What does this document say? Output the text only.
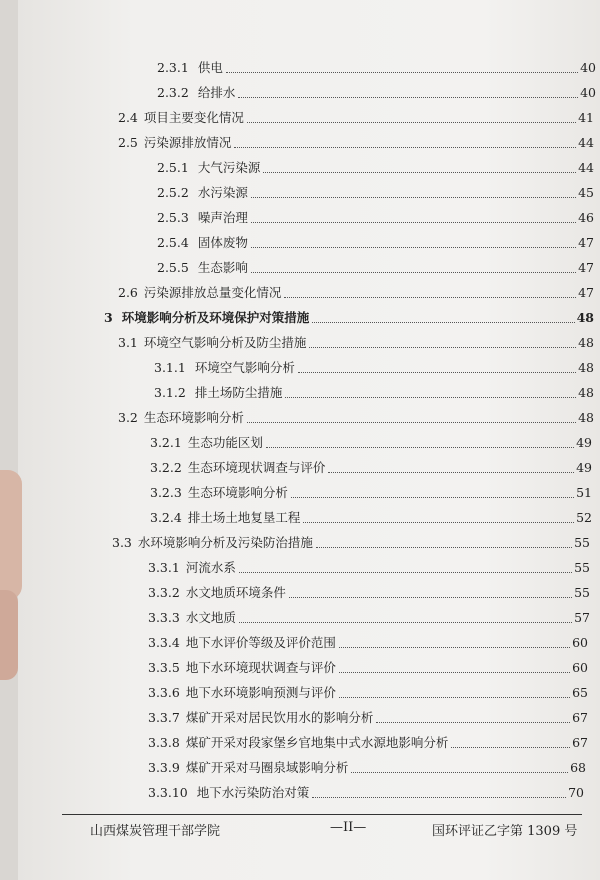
2.3.1 供电	40
2.3.2 给排水	40
2.4 项目主要变化情况	41
2.5 污染源排放情况	44
2.5.1 大气污染源	44
2.5.2 水污染源	45
2.5.3 噪声治理	46
2.5.4 固体废物	47
2.5.5 生态影响	47
2.6 污染源排放总量变化情况	47
3 环境影响分析及环境保护对策措施	48
3.1 环境空气影响分析及防尘措施	48
3.1.1 环境空气影响分析	48
3.1.2 排土场防尘措施	48
3.2 生态环境影响分析	48
3.2.1 生态功能区划	49
3.2.2 生态环境现状调查与评价	49
3.2.3 生态环境影响分析	51
3.2.4 排土场土地复垦工程	52
3.3 水环境影响分析及污染防治措施	55
3.3.1 河流水系	55
3.3.2 水文地质环境条件	55
3.3.3 水文地质	57
3.3.4 地下水评价等级及评价范围	60
3.3.5 地下水环境现状调查与评价	60
3.3.6 地下水环境影响预测与评价	65
3.3.7 煤矿开采对居民饮用水的影响分析	67
3.3.8 煤矿开采对段家堡乡官地集中式水源地影响分析	67
3.3.9 煤矿开采对马圈泉域影响分析	68
3.3.10 地下水污染防治对策	70
山西煤炭管理干部学院	—II—	国环评证乙字第 1309 号
